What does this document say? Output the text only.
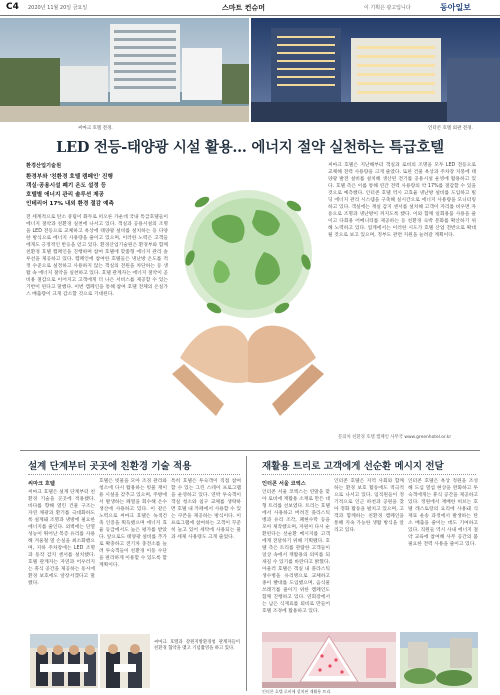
C4 2020년 11월 20일 금요일	스마트 컨슈머	이 기획은 광고입니다	동아일보
씨마크 호텔 전경.	인터콘 호텔 외관 전경.
LED 전등-태양광 시설 활용… 에너지 절약 실천하는 특급호텔
환경산업기술원
환경부와 '친환경 호텔 캠페인' 진행
객실·공용시설 폐기 온도 설정 등
호텔별 에너지 관리 솔루션 제공
인테리어 17% 내외 환경 절감 예측
전 세계적으로 탄소 중립이 화두로 떠오른 가운데 국내 특급호텔들이 에너지 절약과 친환경 실천에 나서고 있다. 객실과 공용시설의 조명을 LED 전등으로 교체하고 옥상에 태양광 설비를 설치하는 등 다양한 방식으로 에너지 사용량을 줄이고 있으며, 이러한 노력은 고객들에게도 긍정적인 반응을 얻고 있다. 환경산업기술원은 환경부와 함께 친환경 호텔 캠페인을 진행하며 참여 호텔에 맞춤형 에너지 관리 솔루션을 제공하고 있다. 캠페인에 참여한 호텔들은 냉난방 온도를 적정 수준으로 설정하고 사용하지 않는 객실의 전원을 차단하는 등 생활 속 에너지 절약을 실천하고 있다. 호텔 관계자는 에너지 절약이 곧 비용 절감으로 이어지고 고객에게 더 나은 서비스를 제공할 수 있는 기반이 된다고 말했다. 이번 캠페인을 통해 참여 호텔 전체의 온실가스 배출량이 크게 감소할 것으로 기대된다.
씨마크 호텔은 지난해부터 객실과 로비의 조명을 모두 LED 전등으로 교체해 전력 사용량을 크게 줄였다. 또한 건물 옥상과 주차장 지붕에 태양광 발전 설비를 설치해 생산된 전기를 공용시설 운영에 활용하고 있다. 호텔 측은 이를 통해 연간 전력 사용량의 약 17%를 절감할 수 있을 것으로 예측했다. 인터콘 호텔 역시 고효율 냉난방 설비를 도입하고 빌딩 에너지 관리 시스템을 구축해 실시간으로 에너지 사용량을 모니터링하고 있다. 객실에는 재실 감지 센서를 설치해 고객이 자리를 비우면 자동으로 조명과 냉난방이 꺼지도록 했다. 이와 함께 일회용품 사용을 줄이고 다회용 어메니티를 제공하는 등 친환경 숙박 문화를 확산하기 위해 노력하고 있다. 업계에서는 이러한 시도가 호텔 산업 전반으로 확대될 것으로 보고 있으며, 정부도 관련 지원을 늘려갈 계획이다.
문의처 친환경 호텔 캠페인 사무국 www.greenhotel.or.kr
설계 단계부터 곳곳에 친환경 기술 적용
씨마크 호텔
씨마크 호텔은 설계 단계부터 친환경 기술을 곳곳에 적용했다. 바다를 향해 열린 건물 구조는 자연 채광과 환기를 극대화하도록 설계돼 조명과 냉방에 필요한 에너지를 줄인다. 외벽에는 단열 성능이 뛰어난 복층 유리를 사용해 겨울철 열 손실을 최소화했으며, 지하 주차장에는 LED 조명과 동작 감지 센서를 설치했다. 호텔 관계자는 자연과 어우러지는 휴식 공간을 제공하는 동시에 환경 보호에도 앞장서겠다고 말했다.
호텔은 빗물을 모아 조경 관리와 청소에 다시 활용하는 빗물 재이용 시설을 갖추고 있으며, 주방에서 발생하는 폐열을 회수해 온수 생산에 사용하고 있다. 이 같은 노력으로 씨마크 호텔은 녹색건축 인증을 획득했으며 에너지 효율 등급에서도 높은 평가를 받았다. 앞으로도 태양광 설비를 추가로 확충하고 전기차 충전소를 늘려 투숙객들이 친환경 이동 수단을 편리하게 이용할 수 있도록 할 계획이다.
특히 호텔은 투숙객이 직접 참여할 수 있는 그린 스테이 프로그램을 운영하고 있다. 연박 투숙객이 객실 청소와 침구 교체를 생략하면 호텔 내 카페에서 사용할 수 있는 쿠폰을 제공하는 방식이다. 이 프로그램에 참여하는 고객이 꾸준히 늘고 있어 세탁에 사용되는 물과 세제 사용량도 크게 줄었다.
씨마크 호텔과 강원지방환경청 관계자들이 친환경 협약을 맺고 기념촬영을 하고 있다.
재활용 트리로 고객에게 선순환 메시지 전달
인터콘 서울 코엑스
인터콘 서울 코엑스는 연말을 맞아 로비에 재활용 소재로 만든 대형 트리를 선보였다. 트리는 호텔에서 사용하고 버려진 플라스틱 병과 유리 조각, 폐현수막 등을 모아 제작했으며, 자원이 다시 순환된다는 선순환 메시지를 고객에게 전달하기 위해 기획됐다. 호텔 측은 트리를 관람한 고객들이 일상 속에서 재활용의 의미를 되새길 수 있기를 바란다고 밝혔다. 아울러 호텔은 객실 내 플라스틱 생수병을 유리병으로 교체하고 종이 빨대를 도입했으며, 음식물 쓰레기를 줄이기 위한 캠페인도 함께 진행하고 있다. 연회장에서는 남은 식재료를 퇴비로 만들어 호텔 조경에 활용하고 있다.
인터콘 호텔은 지역 사회와 함께하는 환경 보호 활동에도 적극적으로 나서고 있다. 임직원들이 정기적으로 인근 하천과 공원을 찾아 정화 활동을 펼치고 있으며, 고객과 함께하는 친환경 캠페인을 통해 지속 가능한 생활 방식을 알리고 있다.
인터콘 호텔은 옥상 정원을 조성해 도심 열섬 현상을 완화하고 투숙객에게는 휴식 공간을 제공하고 있다. 정원에서 재배한 허브는 호텔 레스토랑의 요리에 사용돼 식재료 운송 과정에서 발생하는 탄소 배출을 줄이는 데도 기여하고 있다. 직원들 역시 사내 에너지 절약 교육에 참여해 사무 공간의 불필요한 전력 사용을 줄이고 있다.
인터콘 호텔 로비에 설치된 재활용 트리.
